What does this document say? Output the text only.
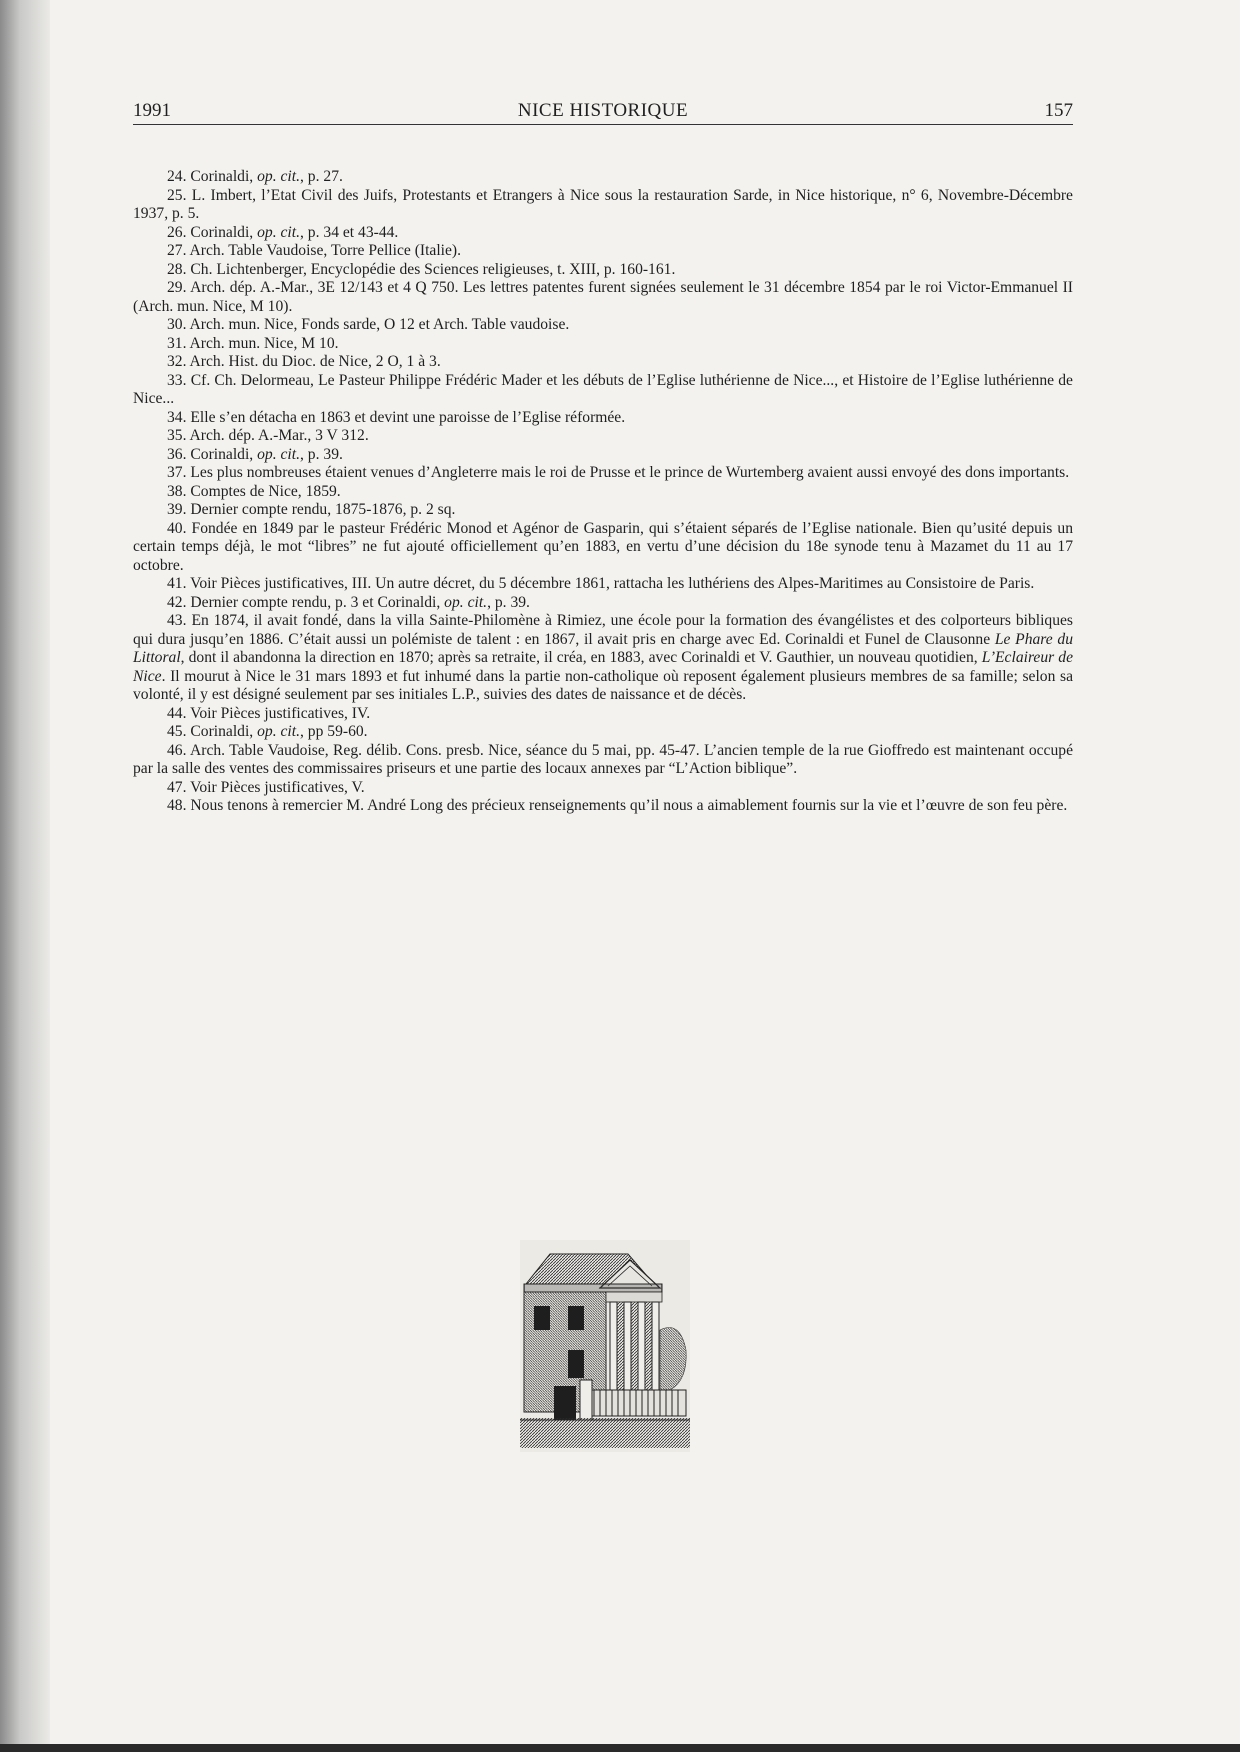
1991	NICE HISTORIQUE	157

24. Corinaldi, op. cit., p. 27.

25. L. Imbert, l’Etat Civil des Juifs, Protestants et Etrangers à Nice sous la restauration Sarde, in Nice historique, n° 6, Novembre-Décembre 1937, p. 5.

26. Corinaldi, op. cit., p. 34 et 43-44.

27. Arch. Table Vaudoise, Torre Pellice (Italie).

28. Ch. Lichtenberger, Encyclopédie des Sciences religieuses, t. XIII, p. 160-161.

29. Arch. dép. A.-Mar., 3E 12/143 et 4 Q 750. Les lettres patentes furent signées seulement le 31 décembre 1854 par le roi Victor-Emmanuel II (Arch. mun. Nice, M 10).

30. Arch. mun. Nice, Fonds sarde, O 12 et Arch. Table vaudoise.

31. Arch. mun. Nice, M 10.

32. Arch. Hist. du Dioc. de Nice, 2 O, 1 à 3.

33. Cf. Ch. Delormeau, Le Pasteur Philippe Frédéric Mader et les débuts de l’Eglise luthérienne de Nice..., et Histoire de l’Eglise luthérienne de Nice...

34. Elle s’en détacha en 1863 et devint une paroisse de l’Eglise réformée.

35. Arch. dép. A.-Mar., 3 V 312.

36. Corinaldi, op. cit., p. 39.

37. Les plus nombreuses étaient venues d’Angleterre mais le roi de Prusse et le prince de Wurtemberg avaient aussi envoyé des dons importants.

38. Comptes de Nice, 1859.

39. Dernier compte rendu, 1875-1876, p. 2 sq.

40. Fondée en 1849 par le pasteur Frédéric Monod et Agénor de Gasparin, qui s’étaient séparés de l’Eglise nationale. Bien qu’usité depuis un certain temps déjà, le mot “libres” ne fut ajouté officiellement qu’en 1883, en vertu d’une décision du 18e synode tenu à Mazamet du 11 au 17 octobre.

41. Voir Pièces justificatives, III. Un autre décret, du 5 décembre 1861, rattacha les luthériens des Alpes-Maritimes au Consistoire de Paris.

42. Dernier compte rendu, p. 3 et Corinaldi, op. cit., p. 39.

43. En 1874, il avait fondé, dans la villa Sainte-Philomène à Rimiez, une école pour la formation des évangélistes et des colporteurs bibliques qui dura jusqu’en 1886. C’était aussi un polémiste de talent : en 1867, il avait pris en charge avec Ed. Corinaldi et Funel de Clausonne Le Phare du Littoral, dont il abandonna la direction en 1870; après sa retraite, il créa, en 1883, avec Corinaldi et V. Gauthier, un nouveau quotidien, L’Eclaireur de Nice. Il mourut à Nice le 31 mars 1893 et fut inhumé dans la partie non-catholique où reposent également plusieurs membres de sa famille; selon sa volonté, il y est désigné seulement par ses initiales L.P., suivies des dates de naissance et de décès.

44. Voir Pièces justificatives, IV.

45. Corinaldi, op. cit., pp 59-60.

46. Arch. Table Vaudoise, Reg. délib. Cons. presb. Nice, séance du 5 mai, pp. 45-47. L’ancien temple de la rue Gioffredo est maintenant occupé par la salle des ventes des commissaires priseurs et une partie des locaux annexes par “L’Action biblique”.

47. Voir Pièces justificatives, V.

48. Nous tenons à remercier M. André Long des précieux renseignements qu’il nous a aimablement fournis sur la vie et l’œuvre de son feu père.
